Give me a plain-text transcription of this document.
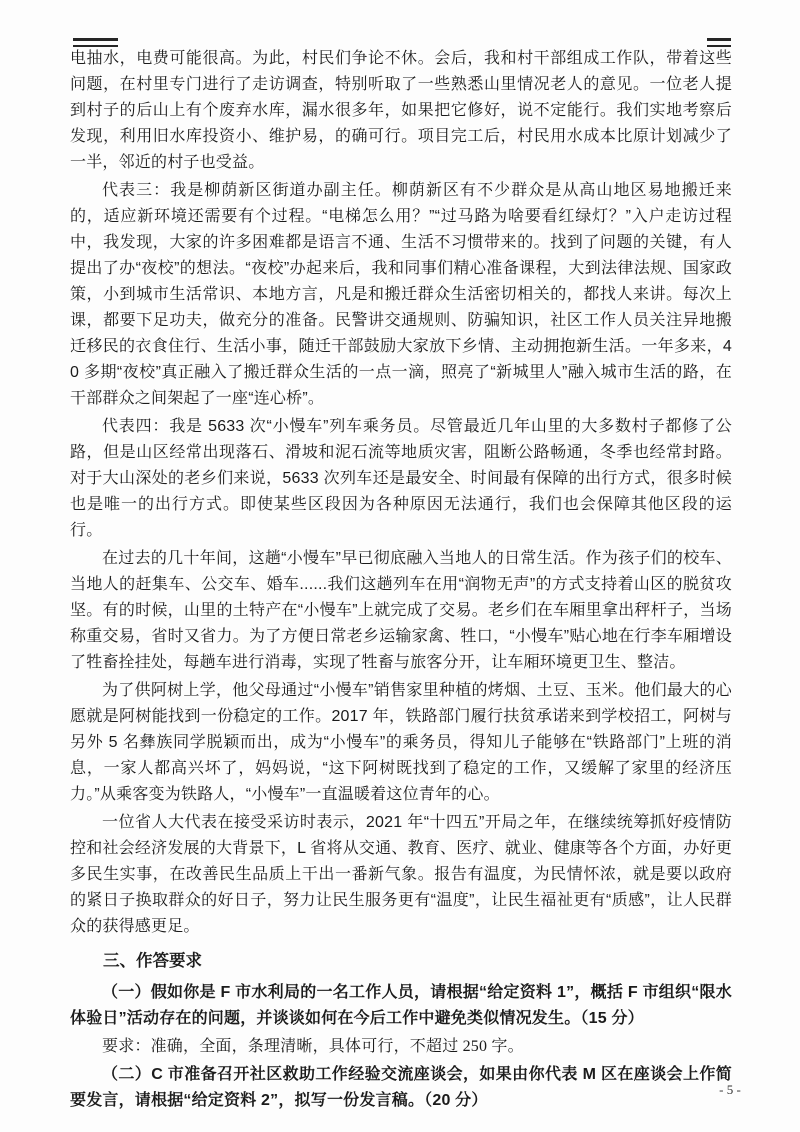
电抽水，电费可能很高。为此，村民们争论不休。会后，我和村干部组成工作队，带着这些问题，在村里专门进行了走访调查，特别听取了一些熟悉山里情况老人的意见。一位老人提到村子的后山上有个废弃水库，漏水很多年，如果把它修好，说不定能行。我们实地考察后发现，利用旧水库投资小、维护易，的确可行。项目完工后，村民用水成本比原计划减少了一半，邻近的村子也受益。

代表三：我是柳荫新区街道办副主任。柳荫新区有不少群众是从高山地区易地搬迁来的，适应新环境还需要有个过程。“电梯怎么用？”“过马路为啥要看红绿灯？”入户走访过程中，我发现，大家的许多困难都是语言不通、生活不习惯带来的。找到了问题的关键，有人提出了办“夜校”的想法。“夜校”办起来后，我和同事们精心准备课程，大到法律法规、国家政策，小到城市生活常识、本地方言，凡是和搬迁群众生活密切相关的，都找人来讲。每次上课，都要下足功夫，做充分的准备。民警讲交通规则、防骗知识，社区工作人员关注异地搬迁移民的衣食住行、生活小事，随迁干部鼓励大家放下乡情、主动拥抱新生活。一年多来，40 多期“夜校”真正融入了搬迁群众生活的一点一滴，照亮了“新城里人”融入城市生活的路，在干部群众之间架起了一座“连心桥”。

代表四：我是 5633 次“小慢车”列车乘务员。尽管最近几年山里的大多数村子都修了公路，但是山区经常出现落石、滑坡和泥石流等地质灾害，阻断公路畅通，冬季也经常封路。对于大山深处的老乡们来说，5633 次列车还是最安全、时间最有保障的出行方式，很多时候也是唯一的出行方式。即使某些区段因为各种原因无法通行，我们也会保障其他区段的运行。

在过去的几十年间，这趟“小慢车”早已彻底融入当地人的日常生活。作为孩子们的校车、当地人的赶集车、公交车、婚车......我们这趟列车在用“润物无声”的方式支持着山区的脱贫攻坚。有的时候，山里的土特产在“小慢车”上就完成了交易。老乡们在车厢里拿出秤杆子，当场称重交易，省时又省力。为了方便日常老乡运输家禽、牲口，“小慢车”贴心地在行李车厢增设了牲畜拴挂处，每趟车进行消毒，实现了牲畜与旅客分开，让车厢环境更卫生、整洁。

为了供阿树上学，他父母通过“小慢车”销售家里种植的烤烟、土豆、玉米。他们最大的心愿就是阿树能找到一份稳定的工作。2017 年，铁路部门履行扶贫承诺来到学校招工，阿树与另外 5 名彝族同学脱颖而出，成为“小慢车”的乘务员，得知儿子能够在“铁路部门”上班的消息，一家人都高兴坏了，妈妈说，“这下阿树既找到了稳定的工作，又缓解了家里的经济压力。”从乘客变为铁路人，“小慢车”一直温暖着这位青年的心。

一位省人大代表在接受采访时表示，2021 年“十四五”开局之年，在继续统筹抓好疫情防控和社会经济发展的大背景下，L 省将从交通、教育、医疗、就业、健康等各个方面，办好更多民生实事，在改善民生品质上干出一番新气象。报告有温度，为民情怀浓，就是要以政府的紧日子换取群众的好日子，努力让民生服务更有“温度”，让民生福祉更有“质感”，让人民群众的获得感更足。

三、作答要求

（一）假如你是 F 市水利局的一名工作人员，请根据“给定资料 1”，概括 F 市组织“限水体验日”活动存在的问题，并谈谈如何在今后工作中避免类似情况发生。（15 分）

要求：准确，全面，条理清晰，具体可行，不超过 250 字。

（二）C 市准备召开社区救助工作经验交流座谈会，如果由你代表 M 区在座谈会上作简要发言，请根据“给定资料 2”，拟写一份发言稿。（20 分）

- 5 -
